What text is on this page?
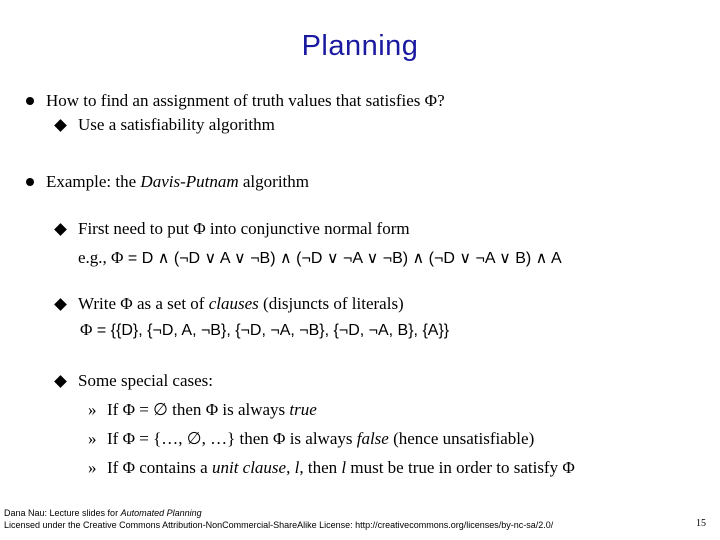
Planning
How to find an assignment of truth values that satisfies Φ?
Use a satisfiability algorithm
Example: the Davis-Putnam algorithm
First need to put Φ into conjunctive normal form
e.g., Φ = D ∧ (¬D ∨ A ∨ ¬B) ∧ (¬D ∨ ¬A ∨ ¬B) ∧ (¬D ∨ ¬A ∨ B) ∧ A
Write Φ as a set of clauses (disjuncts of literals)
Φ = {{D}, {¬D, A, ¬B}, {¬D, ¬A, ¬B}, {¬D, ¬A, B}, {A}}
Some special cases:
» If Φ = ∅ then Φ is always true
» If Φ = {…, ∅, …} then Φ is always false (hence unsatisfiable)
» If Φ contains a unit clause, l, then l must be true in order to satisfy Φ
Dana Nau: Lecture slides for Automated Planning
Licensed under the Creative Commons Attribution-NonCommercial-ShareAlike License: http://creativecommons.org/licenses/by-nc-sa/2.0/	15
